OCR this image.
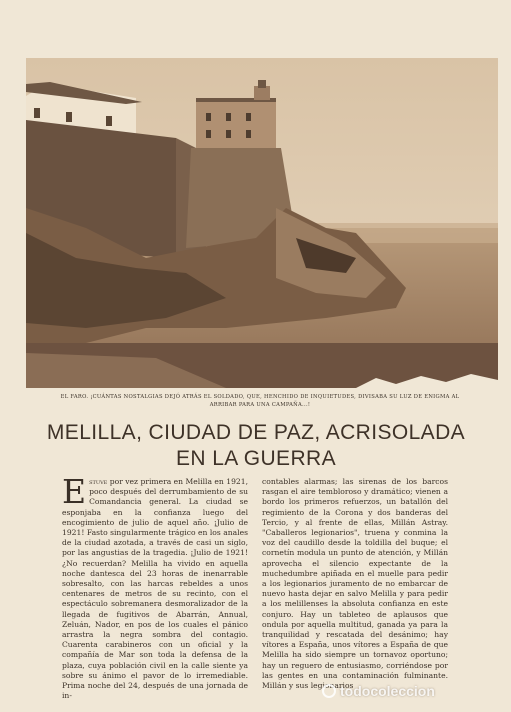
EL FARO. ¡CUÁNTAS NOSTALGIAS DEJÓ ATRÁS EL SOLDADO, QUE, HENCHIDO DE INQUIETUDES, DIVISABA SU LUZ DE ENIGMA AL ARRIBAR PARA UNA CAMPAÑA...!
MELILLA, CIUDAD DE PAZ, ACRISOLADA EN LA GUERRA
Estuve por vez primera en Melilla en 1921, poco después del derrumbamiento de su Comandancia general. La ciudad se esponjaba en la confianza luego del encogimiento de julio de aquel año. ¡Julio de 1921! Fasto singularmente trágico en los anales de la ciudad azotada, a través de casi un siglo, por las angustias de la tragedia. ¡Julio de 1921! ¿No recuerdan? Melilla ha vivido en aquella noche dantesca del 23 horas de inenarrable sobresalto, con las harcas rebeldes a unos centenares de metros de su recinto, con el espectáculo sobremanera desmoralizador de la llegada de fugitivos de Abarrán, Annual, Zeluán, Nador, en pos de los cuales el pánico arrastra la negra sombra del contagio. Cuarenta carabineros con un oficial y la compañía de Mar son toda la defensa de la plaza, cuya población civil en la calle siente ya sobre su ánimo el pavor de lo irremediable. Prima noche del 24, después de una jornada de in-
contables alarmas; las sirenas de los barcos rasgan el aire tembloroso y dramático; vienen a bordo los primeros refuerzos, un batallón del regimiento de la Corona y dos banderas del Tercio, y al frente de ellas, Millán Astray. "Caballeros legionarios", truena y conmina la voz del caudillo desde la toldilla del buque; el cornetín modula un punto de atención, y Millán aprovecha el silencio expectante de la muchedumbre apiñada en el muelle para pedir a los legionarios juramento de no embarcar de nuevo hasta dejar en salvo Melilla y para pedir a los melillenses la absoluta confianza en este conjuro. Hay un tableteo de aplausos que ondula por aquella multitud, ganada ya para la tranquilidad y rescatada del desánimo; hay vítores a España, unos vítores a España de que Melilla ha sido siempre un tornavoz oportuno; hay un reguero de entusiasmo, corriéndose por las gentes en una contaminación fulminante. Millán y sus legionarios
todocoleccion
